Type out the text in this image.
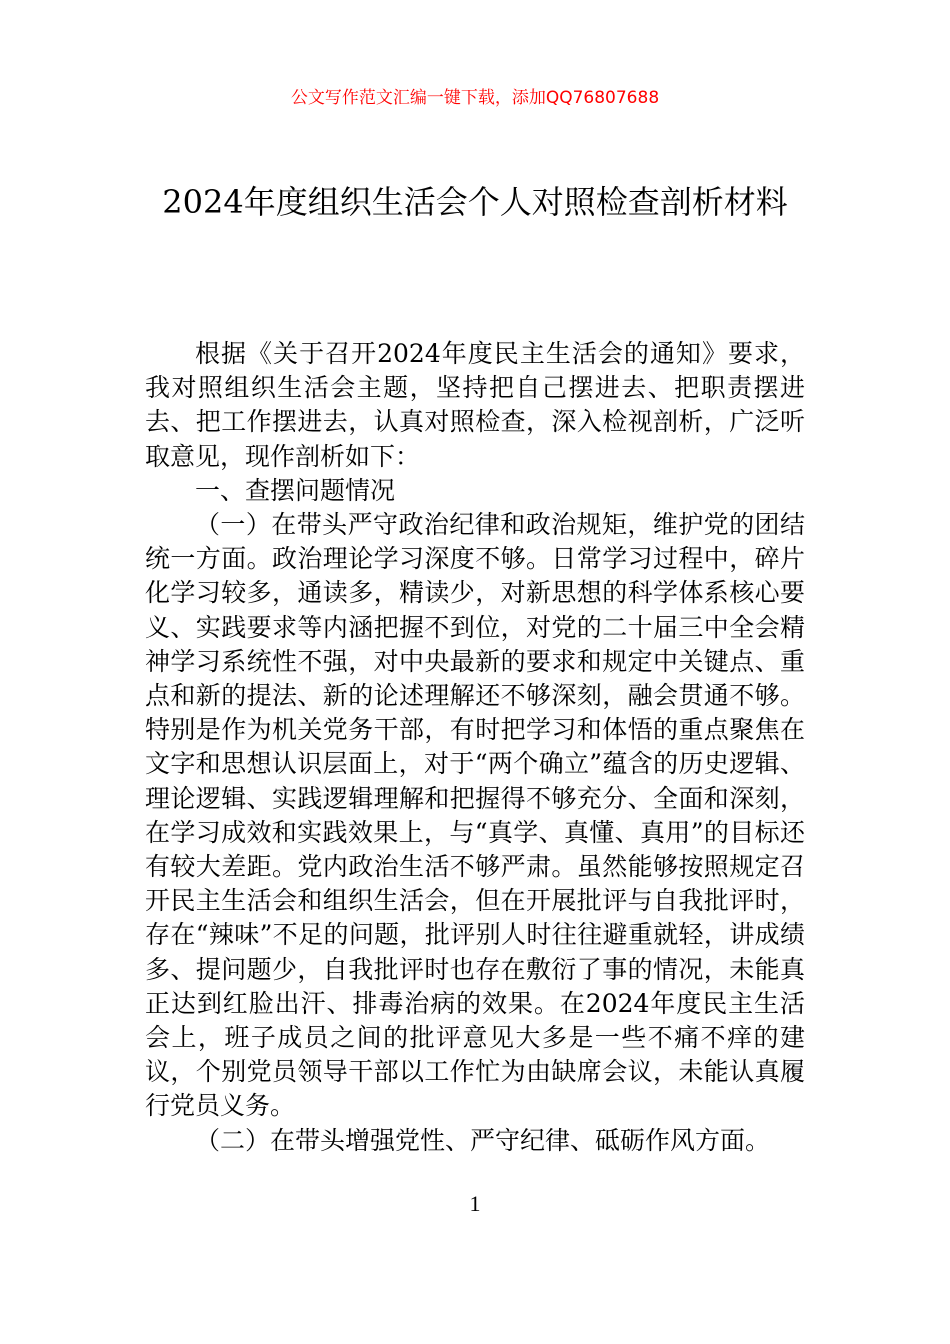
公文写作范文汇编一键下载，添加QQ76807688
2024年度组织生活会个人对照检查剖析材料

根据《关于召开2024年度民主生活会的通知》要求，我对照组织生活会主题，坚持把自己摆进去、把职责摆进去、把工作摆进去，认真对照检查，深入检视剖析，广泛听取意见，现作剖析如下：

一、查摆问题情况

（一）在带头严守政治纪律和政治规矩，维护党的团结统一方面。政治理论学习深度不够。日常学习过程中，碎片化学习较多，通读多，精读少，对新思想的科学体系核心要义、实践要求等内涵把握不到位，对党的二十届三中全会精神学习系统性不强，对中央最新的要求和规定中关键点、重点和新的提法、新的论述理解还不够深刻，融会贯通不够。特别是作为机关党务干部，有时把学习和体悟的重点聚焦在文字和思想认识层面上，对于“两个确立”蕴含的历史逻辑、理论逻辑、实践逻辑理解和把握得不够充分、全面和深刻，在学习成效和实践效果上，与“真学、真懂、真用”的目标还有较大差距。党内政治生活不够严肃。虽然能够按照规定召开民主生活会和组织生活会，但在开展批评与自我批评时，存在“辣味”不足的问题，批评别人时往往避重就轻，讲成绩多、提问题少，自我批评时也存在敷衍了事的情况，未能真正达到红脸出汗、排毒治病的效果。在2024年度民主生活会上，班子成员之间的批评意见大多是一些不痛不痒的建议，个别党员领导干部以工作忙为由缺席会议，未能认真履行党员义务。

（二）在带头增强党性、严守纪律、砥砺作风方面。

1
